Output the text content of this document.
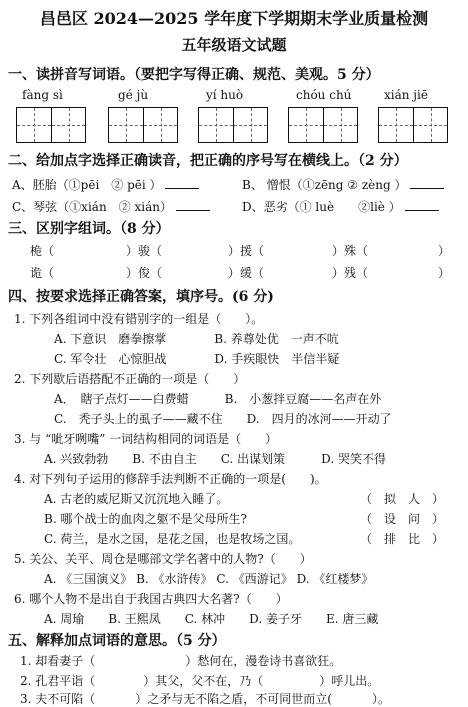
昌邑区 2024—2025 学年度下学期期末学业质量检测
五年级语文试题
一、读拼音写词语。（要把字写得正确、规范、美观。5 分）
fàng sì	gé jù	yí huò	chóu chú	xián jiē
二、给加点字选择正确读音，把正确的序号写在横线上。（2 分）
A、胚胎（①pēi　② pēi ）	B、 憎恨（①zēng ② zèng ）
C、琴弦（①xián　② xián）	D、恶劣（① luè　　②liè ）
三、区别字组词。（8 分）
桅（	）骏（	）援（	）殊（	）
诡（	）俊（	）缓（	）残（	）
四、按要求选择正确答案，填序号。(6 分)
1. 下列各组词中没有错别字的一组是（　　）。
A. 下意识　磨拳擦掌　　　　B. 养尊处优　一声不吭
C. 军令壮　心惊胆战　　　　D. 手疾眼快　半信半疑
2. 下列歇后语搭配不正确的一项是（　　）
A．　瞎子点灯——白费蜡　　　B.　小葱拌豆腐——名声在外
C.　秃子头上的虱子——藏不住　　D.　四月的冰河——开动了
3. 与 “呲牙咧嘴” 一词结构相同的词语是（　　）
A. 兴致勃勃　　B. 不由自主　　C. 出谋划策　　　D. 哭笑不得
4. 对下列句子运用的修辞手法判断不正确的一项是(　　)。
A. 古老的威尼斯又沉沉地入睡了。	（　拟　人　）
B. 哪个战士的血肉之躯不是父母所生?	（　设　问　）
C. 荷兰，是水之国，是花之国，也是牧场之国。	（　排　比　）
5. 关公、关平、周仓是哪部文学名著中的人物?（　　）
A. 《三国演义》 B. 《水浒传》 C. 《西游记》 D. 《红楼梦》
6. 哪个人物不是出自于我国古典四大名著?（　　）
A. 周瑜　　B. 王熙凤　　C. 林冲　　D. 姜子牙　　E. 唐三藏
五、解释加点词语的意思。（5 分）
1. 却看妻子（	）愁何在，漫卷诗书喜欲狂。
2. 孔君平诣（	）其父，父不在，乃（	）呼儿出。
3. 夫不可陷（	）之矛与无不陷之盾，不可同世而立(	）。
